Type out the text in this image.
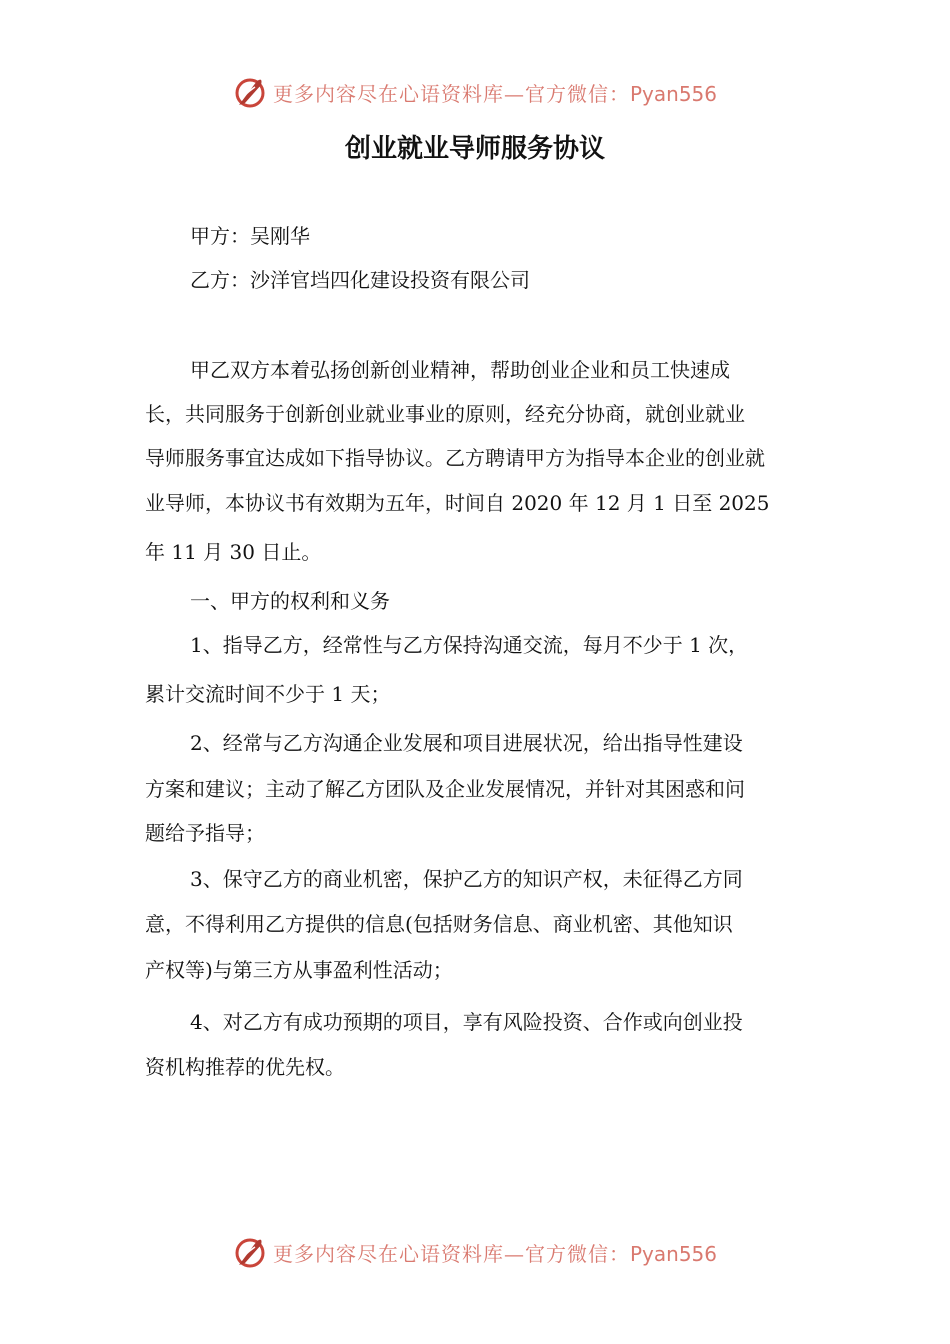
更多内容尽在心语资料库—官方微信：Pyan556
创业就业导师服务协议

甲方：吴刚华

乙方：沙洋官垱四化建设投资有限公司

甲乙双方本着弘扬创新创业精神，帮助创业企业和员工快速成

长，共同服务于创新创业就业事业的原则，经充分协商，就创业就业

导师服务事宜达成如下指导协议。乙方聘请甲方为指导本企业的创业就

业导师，本协议书有效期为五年，时间自 2020 年 12 月 1 日至 2025

年 11 月 30 日止。

一、甲方的权利和义务

1、指导乙方，经常性与乙方保持沟通交流，每月不少于 1 次，

累计交流时间不少于 1 天；

2、经常与乙方沟通企业发展和项目进展状况，给出指导性建设

方案和建议；主动了解乙方团队及企业发展情况，并针对其困惑和问

题给予指导；

3、保守乙方的商业机密，保护乙方的知识产权，未征得乙方同

意，不得利用乙方提供的信息(包括财务信息、商业机密、其他知识

产权等)与第三方从事盈利性活动；

4、对乙方有成功预期的项目，享有风险投资、合作或向创业投

资机构推荐的优先权。

更多内容尽在心语资料库—官方微信：Pyan556
